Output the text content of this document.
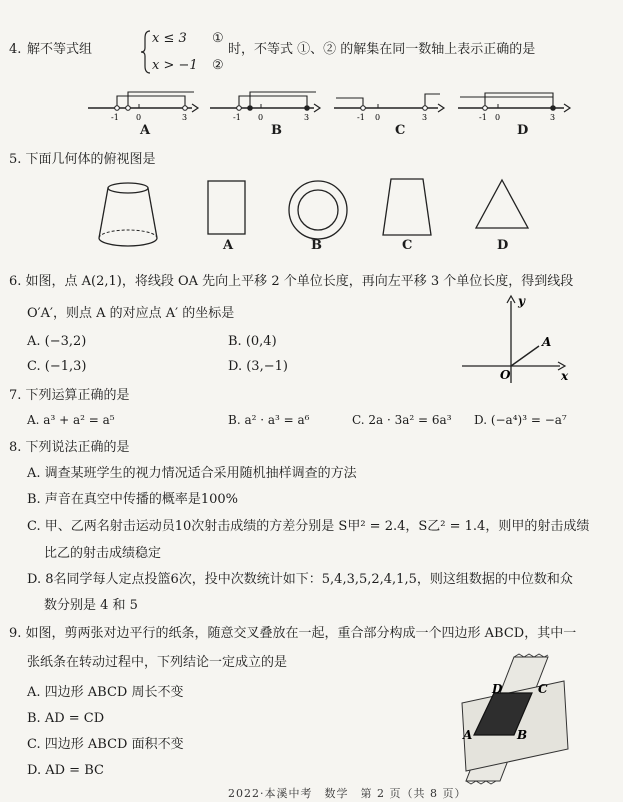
4. 解不等式组
x ≤ 3
x > −1
①
②
时，不等式 ①、② 的解集在同一数轴上表示正确的是
-1 0	3
A
-1 0	3
B
-1 0	3
C
-1 0	3
D
5. 下面几何体的俯视图是
A	B	C	D
6. 如图，点 A(2,1)，将线段 OA 先向上平移 2 个单位长度，再向左平移 3 个单位长度，得到线段
O′A′，则点 A 的对应点 A′ 的坐标是
A. (−3,2)	B. (0,4)
C. (−1,3)	D. (3,−1)
y
x
O
A
7. 下列运算正确的是
A. a³ + a² = a⁵	B. a² · a³ = a⁶	C. 2a · 3a² = 6a³ D. (−a⁴)³ = −a⁷
8. 下列说法正确的是
A. 调查某班学生的视力情况适合采用随机抽样调查的方法
B. 声音在真空中传播的概率是100%
C. 甲、乙两名射击运动员10次射击成绩的方差分别是 S甲² = 2.4，S乙² = 1.4，则甲的射击成绩
比乙的射击成绩稳定
D. 8名同学每人定点投篮6次，投中次数统计如下：5,4,3,5,2,4,1,5，则这组数据的中位数和众
数分别是 4 和 5
9. 如图，剪两张对边平行的纸条，随意交叉叠放在一起，重合部分构成一个四边形 ABCD，其中一
张纸条在转动过程中，下列结论一定成立的是
A. 四边形 ABCD 周长不变
B. AD = CD
C. 四边形 ABCD 面积不变
D. AD = BC
D	C
A	B
2022·本溪中考　数学　第 2 页（共 8 页）
